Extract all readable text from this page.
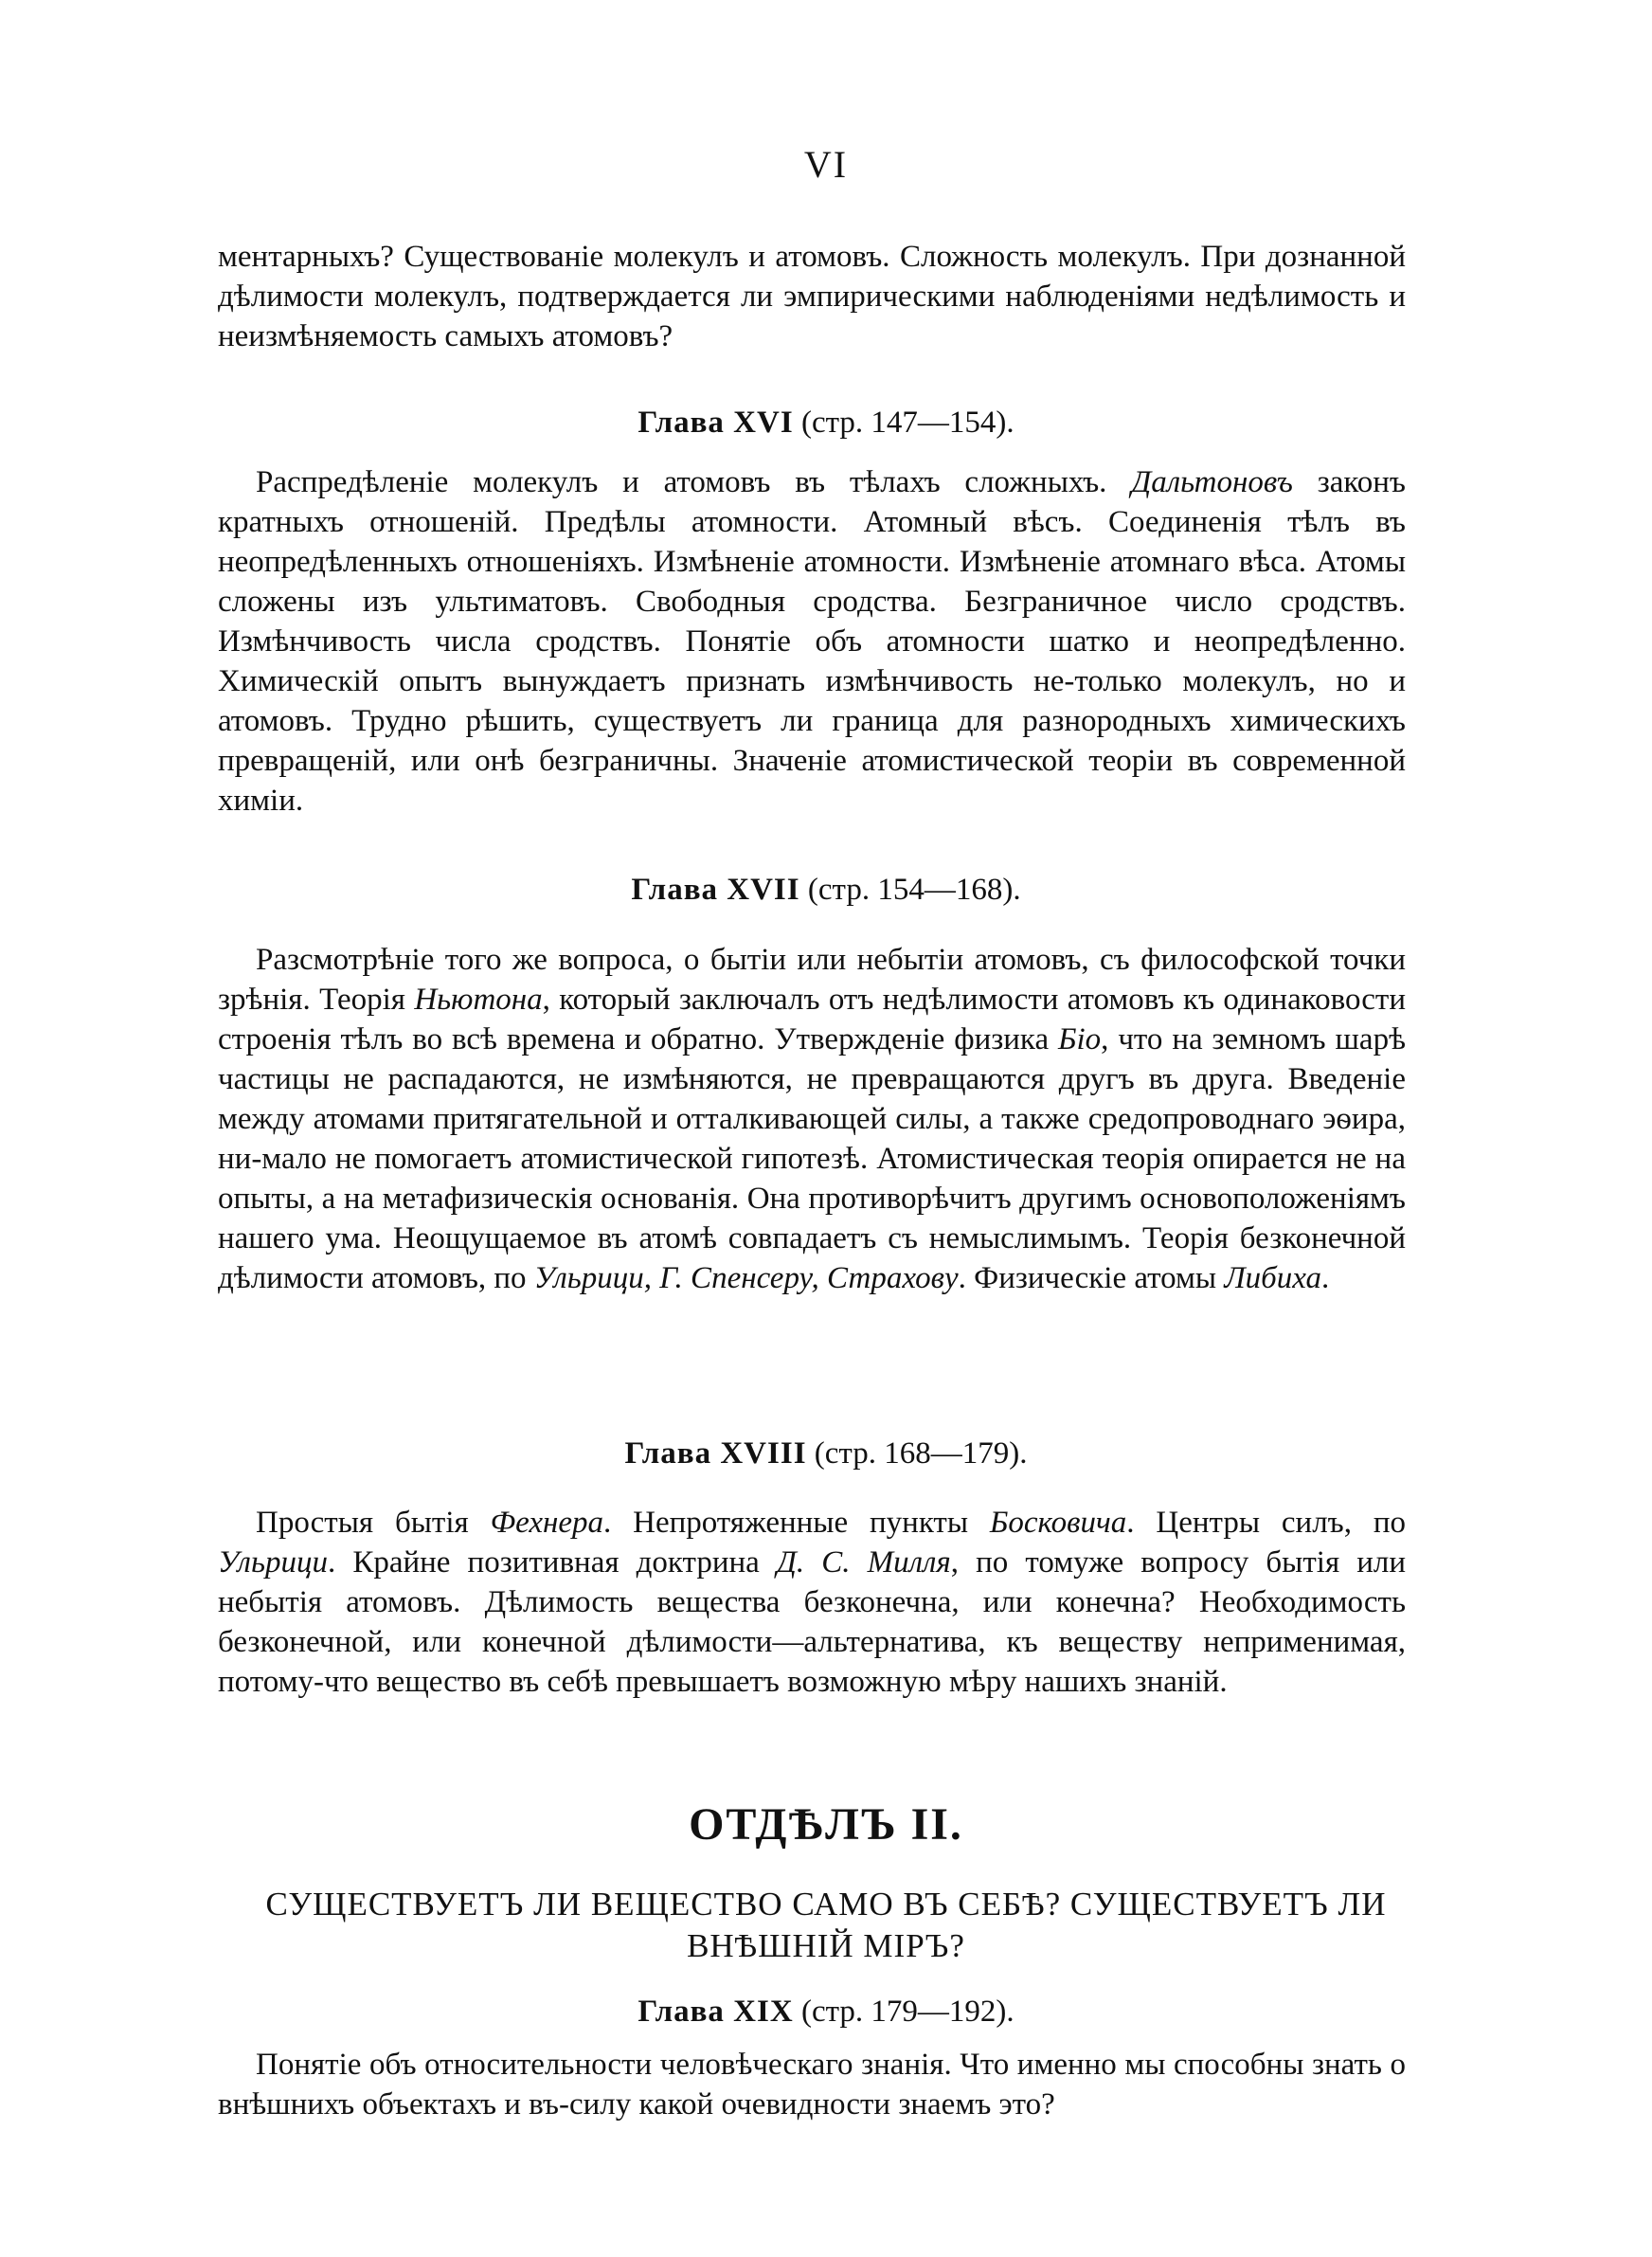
VI

ментарныхъ? Существованіе молекулъ и атомовъ. Сложность молекулъ. При дознанной дѣлимости молекулъ, подтверждается ли эмпирическими наблюденіями недѣлимость и неизмѣняемость самыхъ атомовъ?

Глава XVI (стр. 147—154).

Распредѣленіе молекулъ и атомовъ въ тѣлахъ сложныхъ. Дальтоновъ законъ кратныхъ отношеній. Предѣлы атомности. Атомный вѣсъ. Соединенія тѣлъ въ неопредѣленныхъ отношеніяхъ. Измѣненіе атомности. Измѣненіе атомнаго вѣса. Атомы сложены изъ ультиматовъ. Свободныя сродства. Безграничное число сродствъ. Измѣнчивость числа сродствъ. Понятіе объ атомности шатко и неопредѣленно. Химическій опытъ вынуждаетъ признать измѣнчивость не-только молекулъ, но и атомовъ. Трудно рѣшить, существуетъ ли граница для разнородныхъ химическихъ превращеній, или онѣ безграничны. Значеніе атомистической теоріи въ современной химіи.

Глава XVII (стр. 154—168).

Разсмотрѣніе того же вопроса, о бытіи или небытіи атомовъ, съ философской точки зрѣнія. Теорія Ньютона, который заключалъ отъ недѣлимости атомовъ къ одинаковости строенія тѣлъ во всѣ времена и обратно. Утвержденіе физика Біо, что на земномъ шарѣ частицы не распадаются, не измѣняются, не превращаются другъ въ друга. Введеніе между атомами притягательной и отталкивающей силы, а также средопроводнаго эѳира, ни-мало не помогаетъ атомистической гипотезѣ. Атомистическая теорія опирается не на опыты, а на метафизическія основанія. Она противорѣчитъ другимъ основоположеніямъ нашего ума. Неощущаемое въ атомѣ совпадаетъ съ немыслимымъ. Теорія безконечной дѣлимости атомовъ, по Ульрици, Г. Спенсеру, Страхову. Физическіе атомы Либиха.

Глава XVIII (стр. 168—179).

Простыя бытія Фехнера. Непротяженные пункты Босковича. Центры силъ, по Ульрици. Крайне позитивная доктрина Д. С. Милля, по томуже вопросу бытія или небытія атомовъ. Дѣлимость вещества безконечна, или конечна? Необходимость безконечной, или конечной дѣлимости—альтернатива, къ веществу неприменимая, потому-что вещество въ себѣ превышаетъ возможную мѣру нашихъ знаній.

ОТДѢЛЪ II.
СУЩЕСТВУЕТЪ ЛИ ВЕЩЕСТВО САМО ВЪ СЕБѢ? СУЩЕСТВУЕТЪ ЛИ ВНѢШНІЙ МІРЪ?
Глава XIX (стр. 179—192).

Понятіе объ относительности человѣческаго знанія. Что именно мы способны знать о внѣшнихъ объектахъ и въ-силу какой очевидности знаемъ это?
